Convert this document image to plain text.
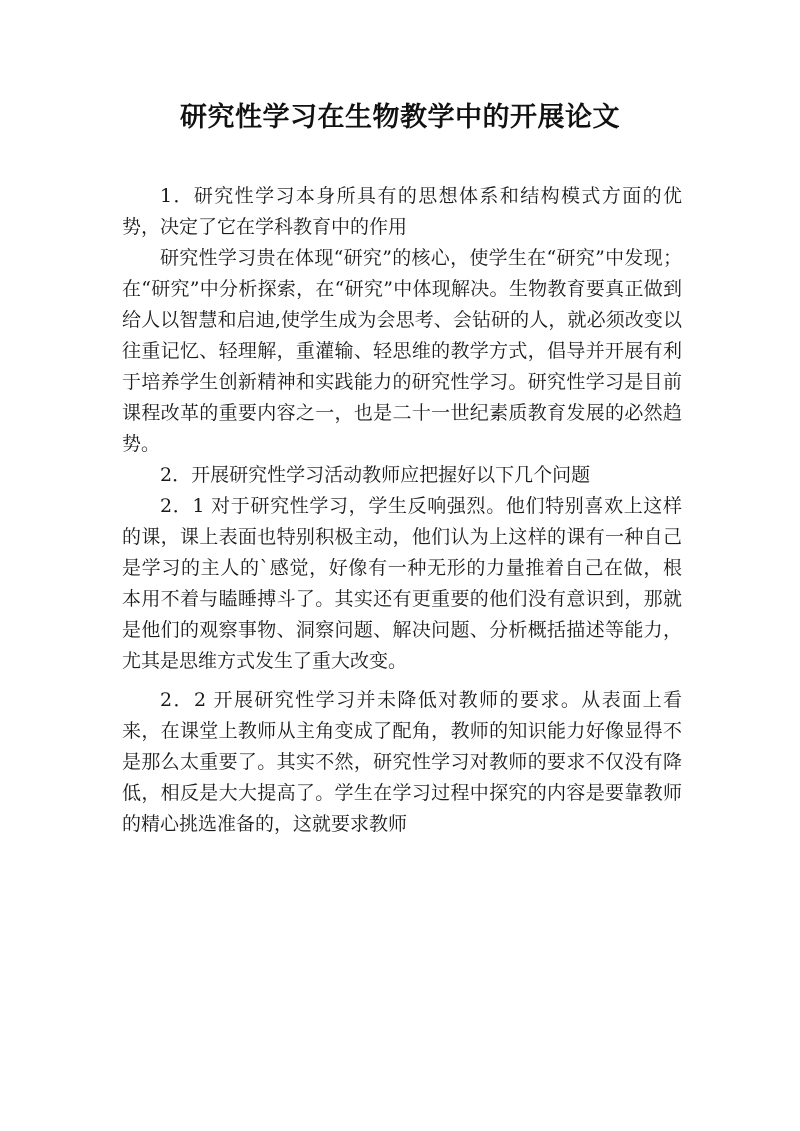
研究性学习在生物教学中的开展论文

1．研究性学习本身所具有的思想体系和结构模式方面的优势，决定了它在学科教育中的作用

研究性学习贵在体现“研究”的核心，使学生在“研究”中发现；在“研究”中分析探索，在“研究”中体现解决。生物教育要真正做到给人以智慧和启迪,使学生成为会思考、会钻研的人，就必须改变以往重记忆、轻理解，重灌输、轻思维的教学方式，倡导并开展有利于培养学生创新精神和实践能力的研究性学习。研究性学习是目前课程改革的重要内容之一，也是二十一世纪素质教育发展的必然趋势。

2．开展研究性学习活动教师应把握好以下几个问题

2．1 对于研究性学习，学生反响强烈。他们特别喜欢上这样的课，课上表面也特别积极主动，他们认为上这样的课有一种自己是学习的主人的`感觉，好像有一种无形的力量推着自己在做，根本用不着与瞌睡搏斗了。其实还有更重要的他们没有意识到，那就是他们的观察事物、洞察问题、解决问题、分析概括描述等能力，尤其是思维方式发生了重大改变。

2．2 开展研究性学习并未降低对教师的要求。从表面上看来，在课堂上教师从主角变成了配角，教师的知识能力好像显得不是那么太重要了。其实不然，研究性学习对教师的要求不仅没有降低，相反是大大提高了。学生在学习过程中探究的内容是要靠教师的精心挑选准备的，这就要求教师
